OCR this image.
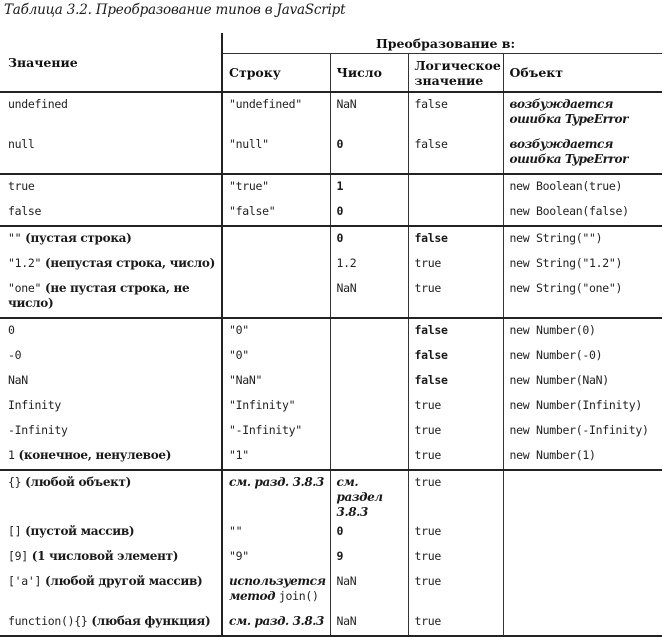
Таблица 3.2. Преобразование типов в JavaScript
Значение	Преобразование в:			
	Строку	Число	Логическое значение	Объект
undefined	"undefined"	NaN	false	возбуждается ошибка TypeError
null	"null"	0	false	возбуждается ошибка TypeError
true	"true"	1		new Boolean(true)
false	"false"	0		new Boolean(false)
"" (пустая строка)		0	false	new String("")
"1.2" (непустая строка, число)		1.2	true	new String("1.2")
"one" (не пустая строка, не число)		NaN	true	new String("one")
0	"0"		false	new Number(0)
-0	"0"		false	new Number(-0)
NaN	"NaN"		false	new Number(NaN)
Infinity	"Infinity"		true	new Number(Infinity)
-Infinity	"-Infinity"		true	new Number(-Infinity)
1 (конечное, ненулевое)	"1"		true	new Number(1)
{} (любой объект)	см. разд. 3.8.3	см. раздел 3.8.3	true	
[] (пустой массив)	""	0	true	
[9] (1 числовой элемент)	"9"	9	true	
['a'] (любой другой массив)	используется метод join()	NaN	true	
function(){} (любая функция)	см. разд. 3.8.3	NaN	true	
